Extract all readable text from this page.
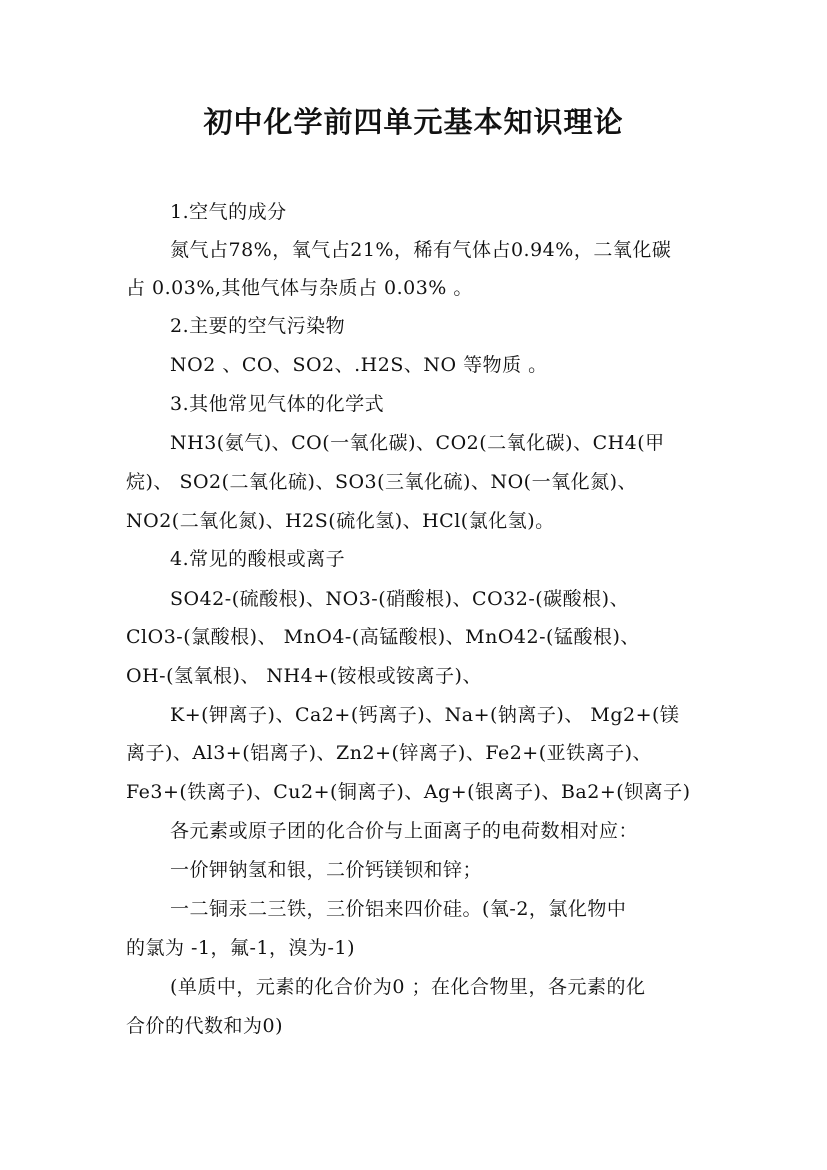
初中化学前四单元基本知识理论
1.空气的成分
氮气占78%，氧气占21%，稀有气体占0.94%，二氧化碳
占 0.03%,其他气体与杂质占 0.03% 。
2.主要的空气污染物
NO2 、CO、SO2、.H2S、NO 等物质 。
3.其他常见气体的化学式
NH3(氨气)、CO(一氧化碳)、CO2(二氧化碳)、CH4(甲
烷)、 SO2(二氧化硫)、SO3(三氧化硫)、NO(一氧化氮)、
NO2(二氧化氮)、H2S(硫化氢)、HCl(氯化氢)。
4.常见的酸根或离子
SO42-(硫酸根)、NO3-(硝酸根)、CO32-(碳酸根)、
ClO3-(氯酸根)、 MnO4-(高锰酸根)、MnO42-(锰酸根)、
OH-(氢氧根)、 NH4+(铵根或铵离子)、
K+(钾离子)、Ca2+(钙离子)、Na+(钠离子)、 Mg2+(镁
离子)、Al3+(铝离子)、Zn2+(锌离子)、Fe2+(亚铁离子)、
Fe3+(铁离子)、Cu2+(铜离子)、Ag+(银离子)、Ba2+(钡离子)
各元素或原子团的化合价与上面离子的电荷数相对应：
一价钾钠氢和银，二价钙镁钡和锌；
一二铜汞二三铁，三价铝来四价硅。(氧-2，氯化物中
的氯为 -1，氟-1，溴为-1)
(单质中，元素的化合价为0 ；在化合物里，各元素的化
合价的代数和为0)
